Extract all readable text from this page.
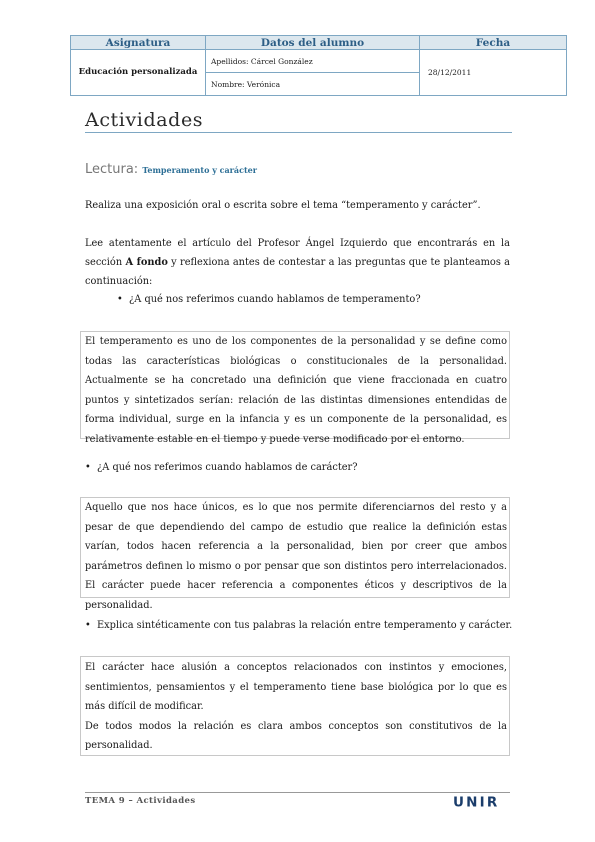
Asignatura	Datos del alumno	Fecha
Educación personalizada	Apellidos: Cárcel González	28/12/2011
	Nombre: Verónica	
Actividades
Lectura: Temperamento y carácter

Realiza una exposición oral o escrita sobre el tema “temperamento y carácter”.

Lee atentamente el artículo del Profesor Ángel Izquierdo que encontrarás en la sección A fondo y reflexiona antes de contestar a las preguntas que te planteamos a continuación:

• ¿A qué nos referimos cuando hablamos de temperamento?
El temperamento es uno de los componentes de la personalidad y se define como todas las características biológicas o constitucionales de la personalidad. Actualmente se ha concretado una definición que viene fraccionada en cuatro puntos y sintetizados serían: relación de las distintas dimensiones entendidas de forma individual, surge en la infancia y es un componente de la personalidad, es relativamente estable en el tiempo y puede verse modificado por el entorno.
• ¿A qué nos referimos cuando hablamos de carácter?
Aquello que nos hace únicos, es lo que nos permite diferenciarnos del resto y a pesar de que dependiendo del campo de estudio que realice la definición estas varían, todos hacen referencia a la personalidad, bien por creer que ambos parámetros definen lo mismo o por pensar que son distintos pero interrelacionados. El carácter puede hacer referencia a componentes éticos y descriptivos de la personalidad.
• Explica sintéticamente con tus palabras la relación entre temperamento y carácter.
El carácter hace alusión a conceptos relacionados con instintos y emociones, sentimientos, pensamientos y el temperamento tiene base biológica por lo que es más difícil de modificar.
De todos modos la relación es clara ambos conceptos son constitutivos de la personalidad.
TEMA 9 – Actividades	UNIR
